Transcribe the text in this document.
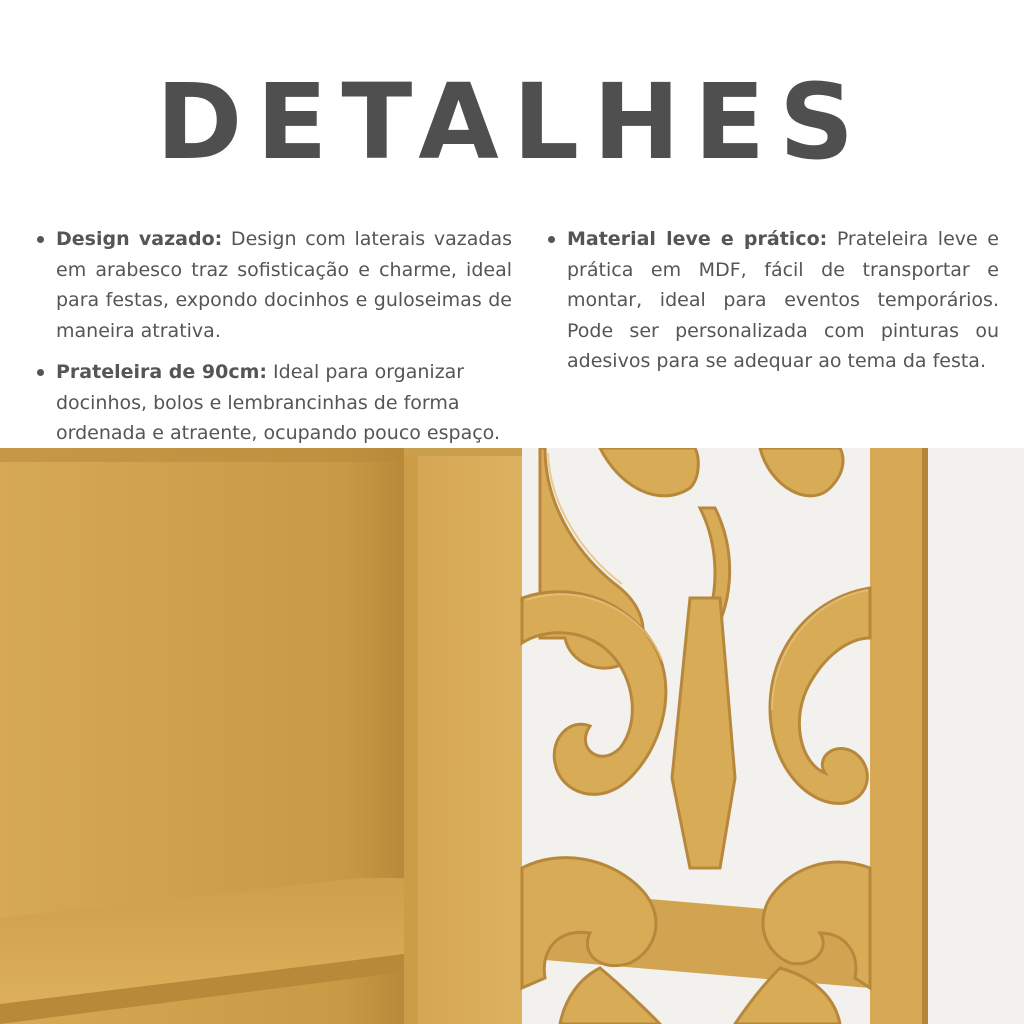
DETALHES
Design vazado: Design com laterais vazadas em arabesco traz sofisticação e charme, ideal para festas, expondo docinhos e guloseimas de maneira atrativa.
Prateleira de 90cm: Ideal para organizar docinhos, bolos e lembrancinhas de forma ordenada e atraente, ocupando pouco espaço.
Material leve e prático: Prateleira leve e prática em MDF, fácil de transportar e montar, ideal para eventos temporários. Pode ser personalizada com pinturas ou adesivos para se adequar ao tema da festa.
